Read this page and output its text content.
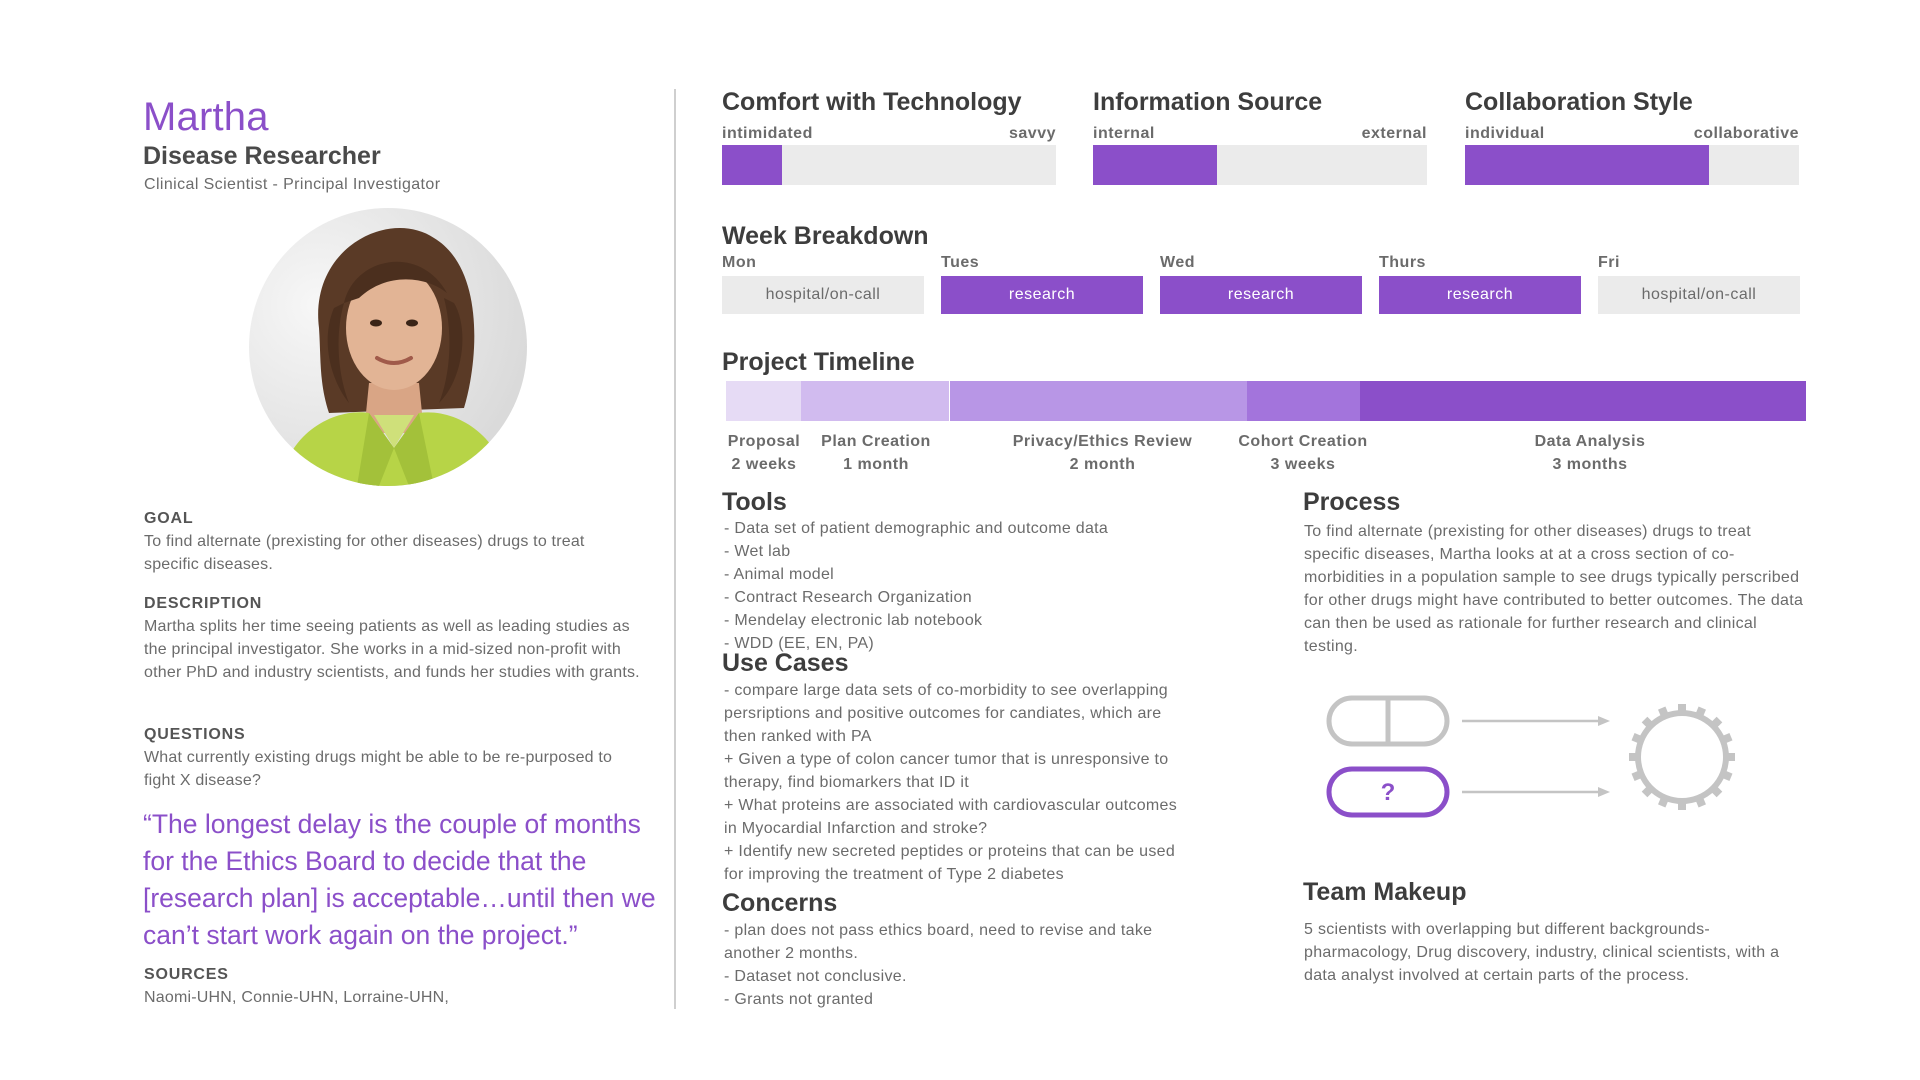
Martha
Disease Researcher
Clinical Scientist - Principal Investigator
GOAL
To find alternate (prexisting for other diseases) drugs to treat specific diseases.
DESCRIPTION
Martha splits her time seeing patients as well as leading studies as the principal investigator. She works in a mid-sized non-profit with other PhD and industry scientists, and funds her studies with grants.
QUESTIONS
What currently existing drugs might be able to be re-purposed to fight X disease?
“The longest delay is the couple of months for the Ethics Board to decide that the [research plan] is acceptable…until then we can’t start work again on the project.”
SOURCES
Naomi-UHN, Connie-UHN, Lorraine-UHN,
Comfort with Technology
intimidated	savvy
Information Source
internal	external
Collaboration Style
individual	collaborative
Week Breakdown
Mon
hospital/on-call
Tues
research
Wed
research
Thurs
research
Fri
hospital/on-call
Project Timeline
Proposal
2 weeks
Plan Creation
1 month
Privacy/Ethics Review
2 month
Cohort Creation
3 weeks
Data Analysis
3 months
Tools
- Data set of patient demographic and outcome data
- Wet lab
- Animal model
- Contract Research Organization
- Mendelay electronic lab notebook
- WDD (EE, EN, PA)
Use Cases
- compare large data sets of co-morbidity to see overlapping
persriptions and positive outcomes for candiates, which are
then ranked with PA
+ Given a type of colon cancer tumor that is unresponsive to
therapy, find biomarkers that ID it
+ What proteins are associated with cardiovascular outcomes
in Myocardial Infarction and stroke?
+ Identify new secreted peptides or proteins that can be used
for improving the treatment of Type 2 diabetes
Concerns
- plan does not pass ethics board, need to revise and take
another 2 months.
- Dataset not conclusive.
- Grants not granted
Process
To find alternate (prexisting for other diseases) drugs to treat specific diseases, Martha looks at at a cross section of co-morbidities in a population sample to see drugs typically perscribed for other drugs might have contributed to better outcomes. The data can then be used as rationale for further research and clinical testing.
?
Team Makeup
5 scientists with overlapping but different backgrounds- pharmacology, Drug discovery, industry, clinical scientists, with a data analyst involved at certain parts of the process.
